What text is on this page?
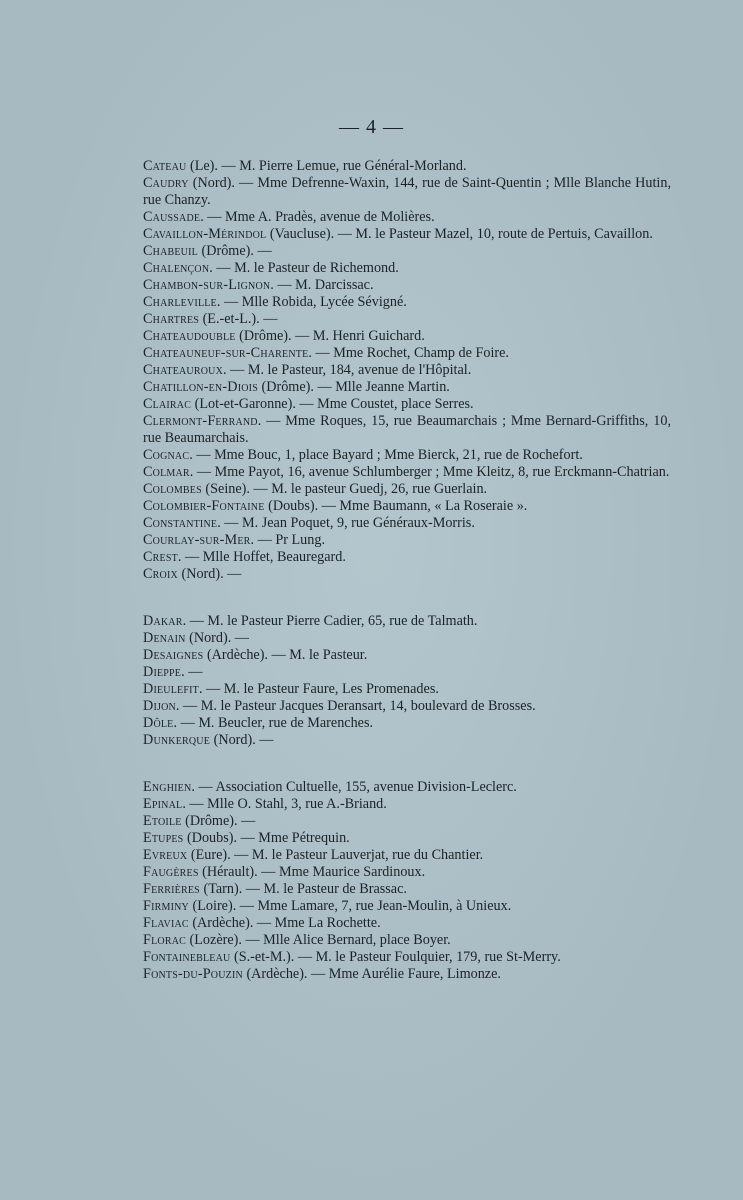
— 4 —

Cateau (Le). — M. Pierre Lemue, rue Général-Morland.

Caudry (Nord). — Mme Defrenne-Waxin, 144, rue de Saint-Quentin ; Mlle Blanche Hutin, rue Chanzy.

Caussade. — Mme A. Pradès, avenue de Molières.

Cavaillon-Mérindol (Vaucluse). — M. le Pasteur Mazel, 10, route de Pertuis, Cavaillon.

Chabeuil (Drôme). —

Chalençon. — M. le Pasteur de Richemond.

Chambon-sur-Lignon. — M. Darcissac.

Charleville. — Mlle Robida, Lycée Sévigné.

Chartres (E.-et-L.). —

Chateaudouble (Drôme). — M. Henri Guichard.

Chateauneuf-sur-Charente. — Mme Rochet, Champ de Foire.

Chateauroux. — M. le Pasteur, 184, avenue de l'Hôpital.

Chatillon-en-Diois (Drôme). — Mlle Jeanne Martin.

Clairac (Lot-et-Garonne). — Mme Coustet, place Serres.

Clermont-Ferrand. — Mme Roques, 15, rue Beaumarchais ; Mme Bernard-Griffiths, 10, rue Beaumarchais.

Cognac. — Mme Bouc, 1, place Bayard ; Mme Bierck, 21, rue de Rochefort.

Colmar. — Mme Payot, 16, avenue Schlumberger ; Mme Kleitz, 8, rue Erckmann-Chatrian.

Colombes (Seine). — M. le pasteur Guedj, 26, rue Guerlain.

Colombier-Fontaine (Doubs). — Mme Baumann, « La Roseraie ».

Constantine. — M. Jean Poquet, 9, rue Généraux-Morris.

Courlay-sur-Mer. — Pr Lung.

Crest. — Mlle Hoffet, Beauregard.

Croix (Nord). —

Dakar. — M. le Pasteur Pierre Cadier, 65, rue de Talmath.

Denain (Nord). —

Desaignes (Ardèche). — M. le Pasteur.

Dieppe. —

Dieulefit. — M. le Pasteur Faure, Les Promenades.

Dijon. — M. le Pasteur Jacques Deransart, 14, boulevard de Brosses.

Dôle. — M. Beucler, rue de Marenches.

Dunkerque (Nord). —

Enghien. — Association Cultuelle, 155, avenue Division-Leclerc.

Epinal. — Mlle O. Stahl, 3, rue A.-Briand.

Etoile (Drôme). —

Etupes (Doubs). — Mme Pétrequin.

Evreux (Eure). — M. le Pasteur Lauverjat, rue du Chantier.

Faugères (Hérault). — Mme Maurice Sardinoux.

Ferrières (Tarn). — M. le Pasteur de Brassac.

Firminy (Loire). — Mme Lamare, 7, rue Jean-Moulin, à Unieux.

Flaviac (Ardèche). — Mme La Rochette.

Florac (Lozère). — Mlle Alice Bernard, place Boyer.

Fontainebleau (S.-et-M.). — M. le Pasteur Foulquier, 179, rue St-Merry.

Fonts-du-Pouzin (Ardèche). — Mme Aurélie Faure, Limonze.
